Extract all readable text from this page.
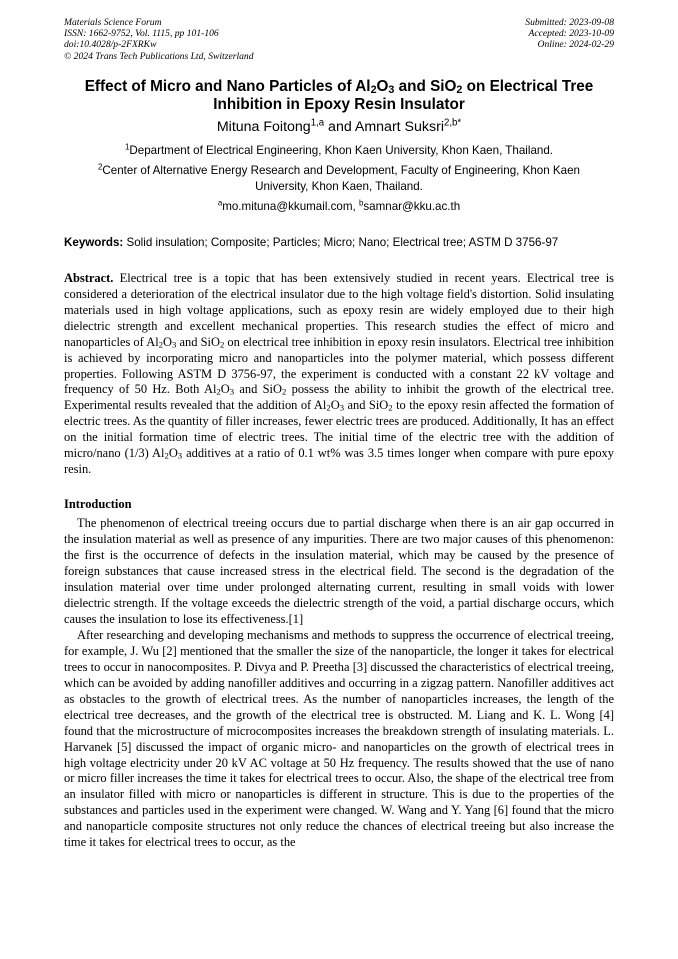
Materials Science Forum
ISSN: 1662-9752, Vol. 1115, pp 101-106
doi:10.4028/p-2FXRKw
© 2024 Trans Tech Publications Ltd, Switzerland
Submitted: 2023-09-08
Accepted: 2023-10-09
Online: 2024-02-29
Effect of Micro and Nano Particles of $Al_2O_3$ and SiO$_2$ on Electrical Tree
Inhibition in Epoxy Resin Insulator
Mituna Foitong$^{1,a}$ and Amnart Suksri$^{2,b*}$
$^1$Department of Electrical Engineering, Khon Kaen University, Khon Kaen, Thailand.
$^2$Center of Alternative Energy Research and Development, Faculty of Engineering, Khon Kaen University, Khon Kaen, Thailand.
$^a$mo.mituna@kkumail.com, $^b$samnar@kku.ac.th
Keywords: Solid insulation; Composite; Particles; Micro; Nano; Electrical tree; ASTM D 3756-97
Abstract. Electrical tree is a topic that has been extensively studied in recent years. Electrical tree is considered a deterioration of the electrical insulator due to the high voltage field's distortion. Solid insulating materials used in high voltage applications, such as epoxy resin are widely employed due to their high dielectric strength and excellent mechanical properties. This research studies the effect of micro and nanoparticles of $Al_2O_3$ and SiO$_2$ on electrical tree inhibition in epoxy resin insulators. Electrical tree inhibition is achieved by incorporating micro and nanoparticles into the polymer material, which possess different properties. Following ASTM D 3756-97, the experiment is conducted with a constant 22 kV voltage and frequency of 50 Hz. Both $Al_2O_3$ and SiO$_2$ possess the ability to inhibit the growth of the electrical tree. Experimental results revealed that the addition of $Al_2O_3$ and SiO$_2$ to the epoxy resin affected the formation of electric trees. As the quantity of filler increases, fewer electric trees are produced. Additionally, It has an effect on the initial formation time of electric trees. The initial time of the electric tree with the addition of micro/nano (1/3) $Al_2O_3$ additives at a ratio of 0.1 wt% was 3.5 times longer when compare with pure epoxy resin.
Introduction
The phenomenon of electrical treeing occurs due to partial discharge when there is an air gap occurred in the insulation material as well as presence of any impurities. There are two major causes of this phenomenon: the first is the occurrence of defects in the insulation material, which may be caused by the presence of foreign substances that cause increased stress in the electrical field. The second is the degradation of the insulation material over time under prolonged alternating current, resulting in small voids with lower dielectric strength. If the voltage exceeds the dielectric strength of the void, a partial discharge occurs, which causes the insulation to lose its effectiveness.[1]
After researching and developing mechanisms and methods to suppress the occurrence of electrical treeing, for example, J. Wu [2] mentioned that the smaller the size of the nanoparticle, the longer it takes for electrical trees to occur in nanocomposites. P. Divya and P. Preetha [3] discussed the characteristics of electrical treeing, which can be avoided by adding nanofiller additives and occurring in a zigzag pattern. Nanofiller additives act as obstacles to the growth of electrical trees. As the number of nanoparticles increases, the length of the electrical tree decreases, and the growth of the electrical tree is obstructed. M. Liang and K. L. Wong [4] found that the microstructure of microcomposites increases the breakdown strength of insulating materials. L. Harvanek [5] discussed the impact of organic micro- and nanoparticles on the growth of electrical trees in high voltage electricity under 20 kV AC voltage at 50 Hz frequency. The results showed that the use of nano or micro filler increases the time it takes for electrical trees to occur. Also, the shape of the electrical tree from an insulator filled with micro or nanoparticles is different in structure. This is due to the properties of the substances and particles used in the experiment were changed. W. Wang and Y. Yang [6] found that the micro and nanoparticle composite structures not only reduce the chances of electrical treeing but also increase the time it takes for electrical trees to occur, as the
